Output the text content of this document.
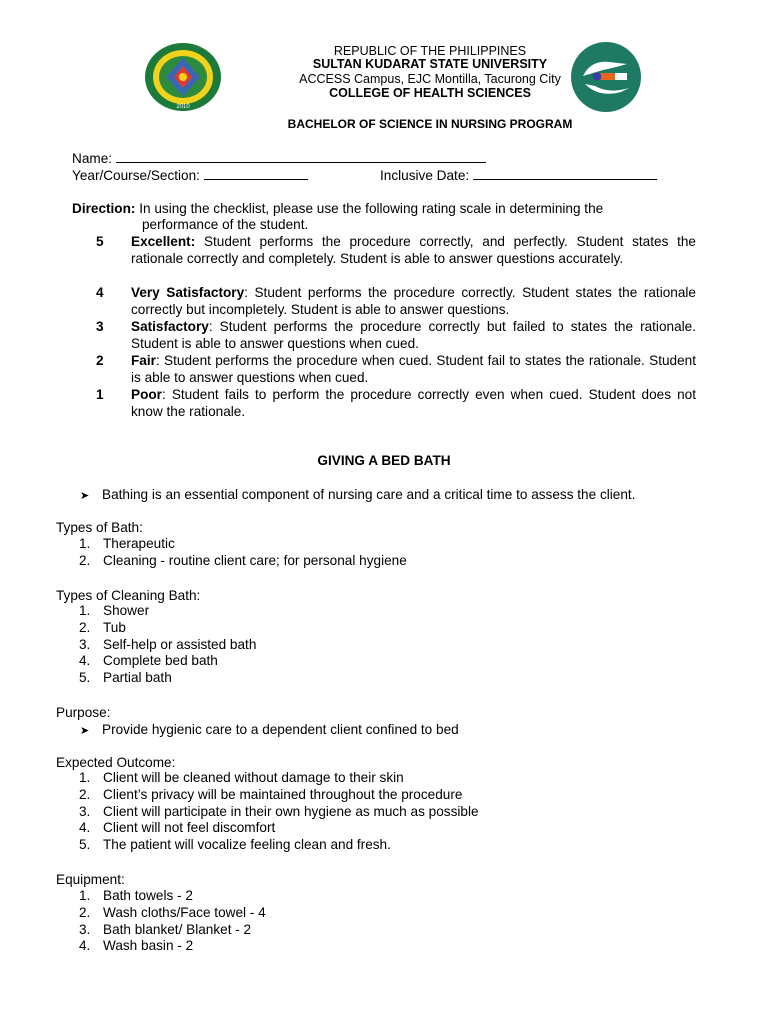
2010
REPUBLIC OF THE PHILIPPINES
SULTAN KUDARAT STATE UNIVERSITY
ACCESS Campus, EJC Montilla, Tacurong City
COLLEGE OF HEALTH SCIENCES
BACHELOR OF SCIENCE IN NURSING PROGRAM
Name:
Year/Course/Section:	Inclusive Date:
Direction: In using the checklist, please use the following rating scale in determining the
performance of the student.
5	Excellent: Student performs the procedure correctly, and perfectly. Student states the rationale correctly and completely. Student is able to answer questions accurately.
4	Very Satisfactory: Student performs the procedure correctly. Student states the rationale correctly but incompletely. Student is able to answer questions.
3	Satisfactory: Student performs the procedure correctly but failed to states the rationale. Student is able to answer questions when cued.
2	Fair: Student performs the procedure when cued. Student fail to states the rationale. Student is able to answer questions when cued.
1	Poor: Student fails to perform the procedure correctly even when cued. Student does not know the rationale.
GIVING A BED BATH
➤ Bathing is an essential component of nursing care and a critical time to assess the client.
Types of Bath:
1. Therapeutic
2. Cleaning - routine client care; for personal hygiene
Types of Cleaning Bath:
1. Shower
2. Tub
3. Self-help or assisted bath
4. Complete bed bath
5. Partial bath
Purpose:
➤ Provide hygienic care to a dependent client confined to bed
Expected Outcome:
1. Client will be cleaned without damage to their skin
2. Client’s privacy will be maintained throughout the procedure
3. Client will participate in their own hygiene as much as possible
4. Client will not feel discomfort
5. The patient will vocalize feeling clean and fresh.
Equipment:
1. Bath towels - 2
2. Wash cloths/Face towel - 4
3. Bath blanket/ Blanket - 2
4. Wash basin - 2
